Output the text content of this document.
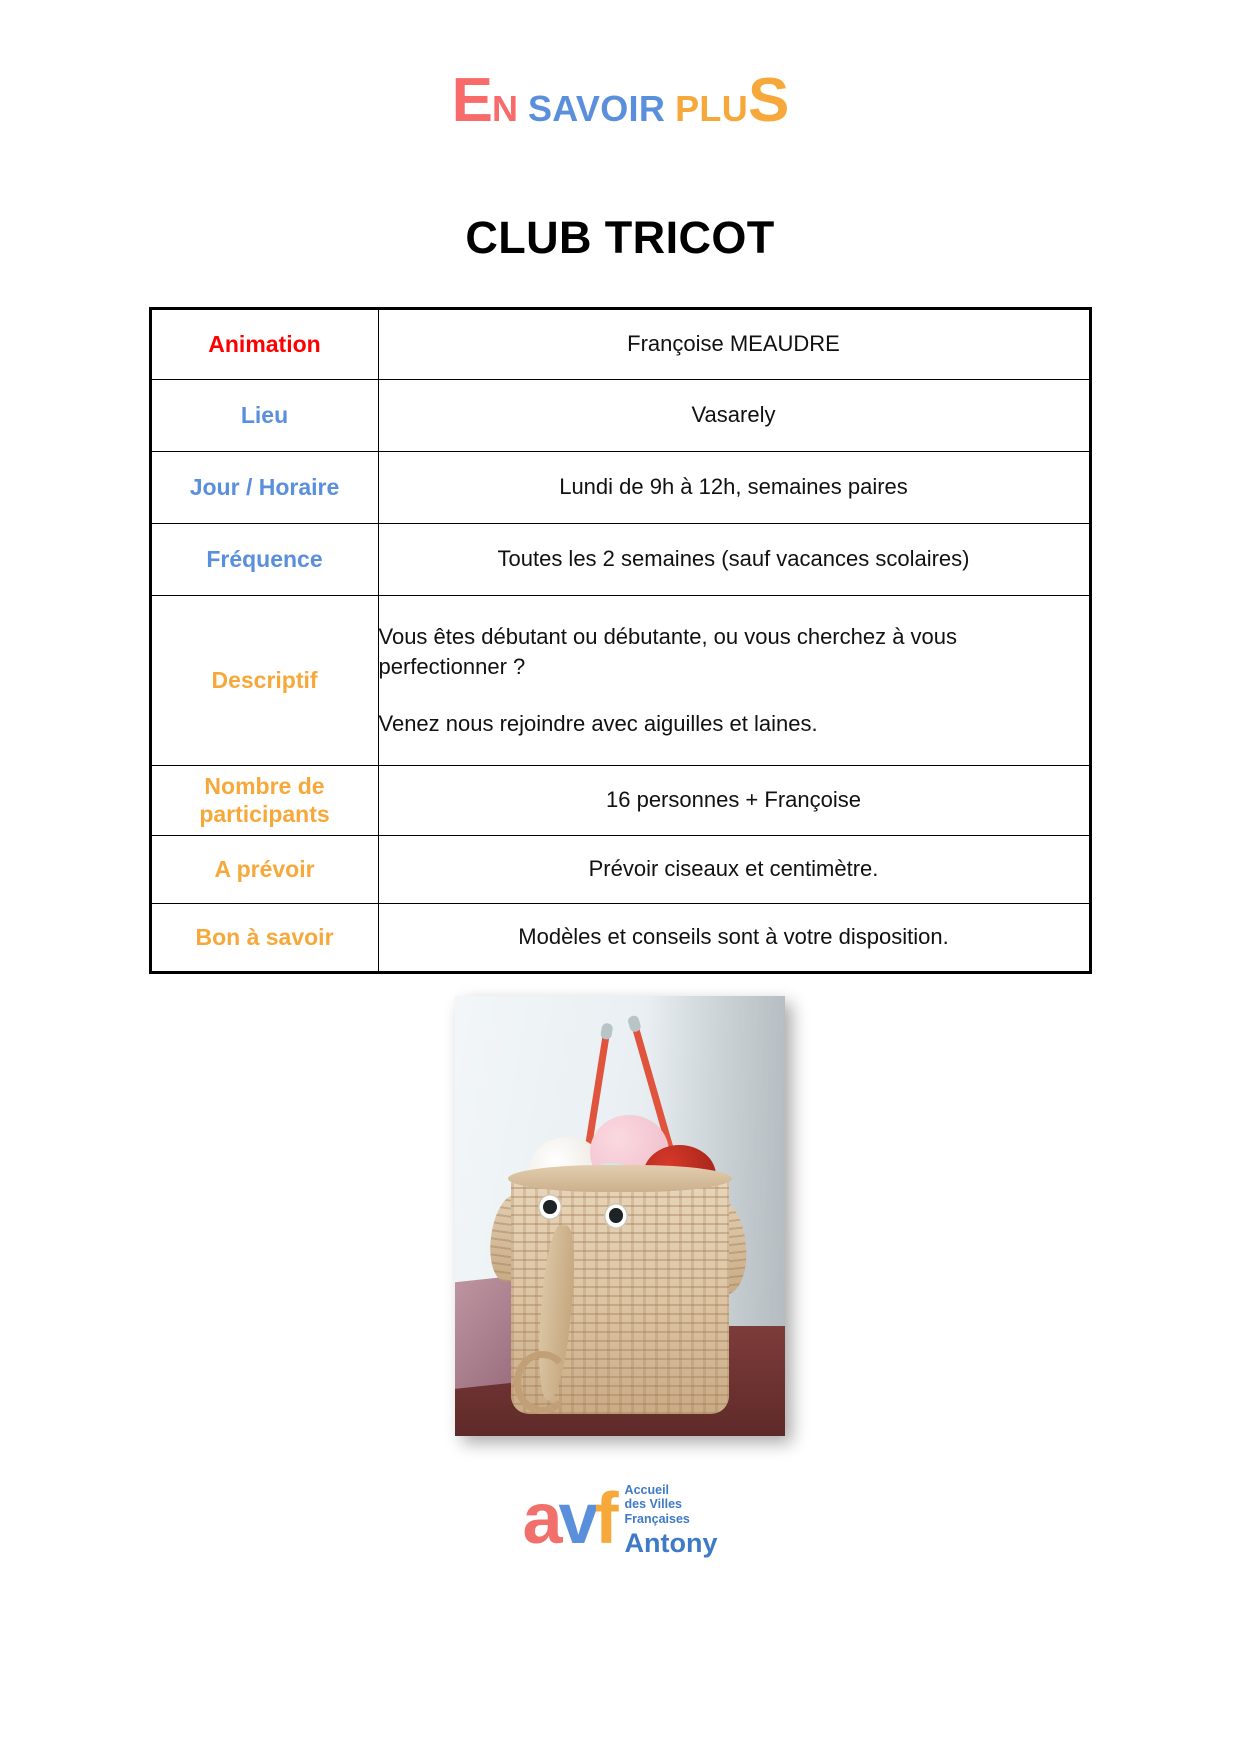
E N SAVOIR PLU S
CLUB TRICOT
Animation	Françoise MEAUDRE
Lieu	Vasarely
Jour / Horaire	Lundi de 9h à 12h, semaines paires
Fréquence	Toutes les 2 semaines (sauf vacances scolaires)
Descriptif	Vous êtes débutant ou débutante, ou vous cherchez à vous perfectionner ?

Venez nous rejoindre avec aiguilles et laines.

Nombre de
participants	16 personnes + Françoise
A prévoir	Prévoir ciseaux et centimètre.
Bon à savoir	Modèles et conseils sont à votre disposition.
a v f Accueil
des Villes
Françaises
Antony
